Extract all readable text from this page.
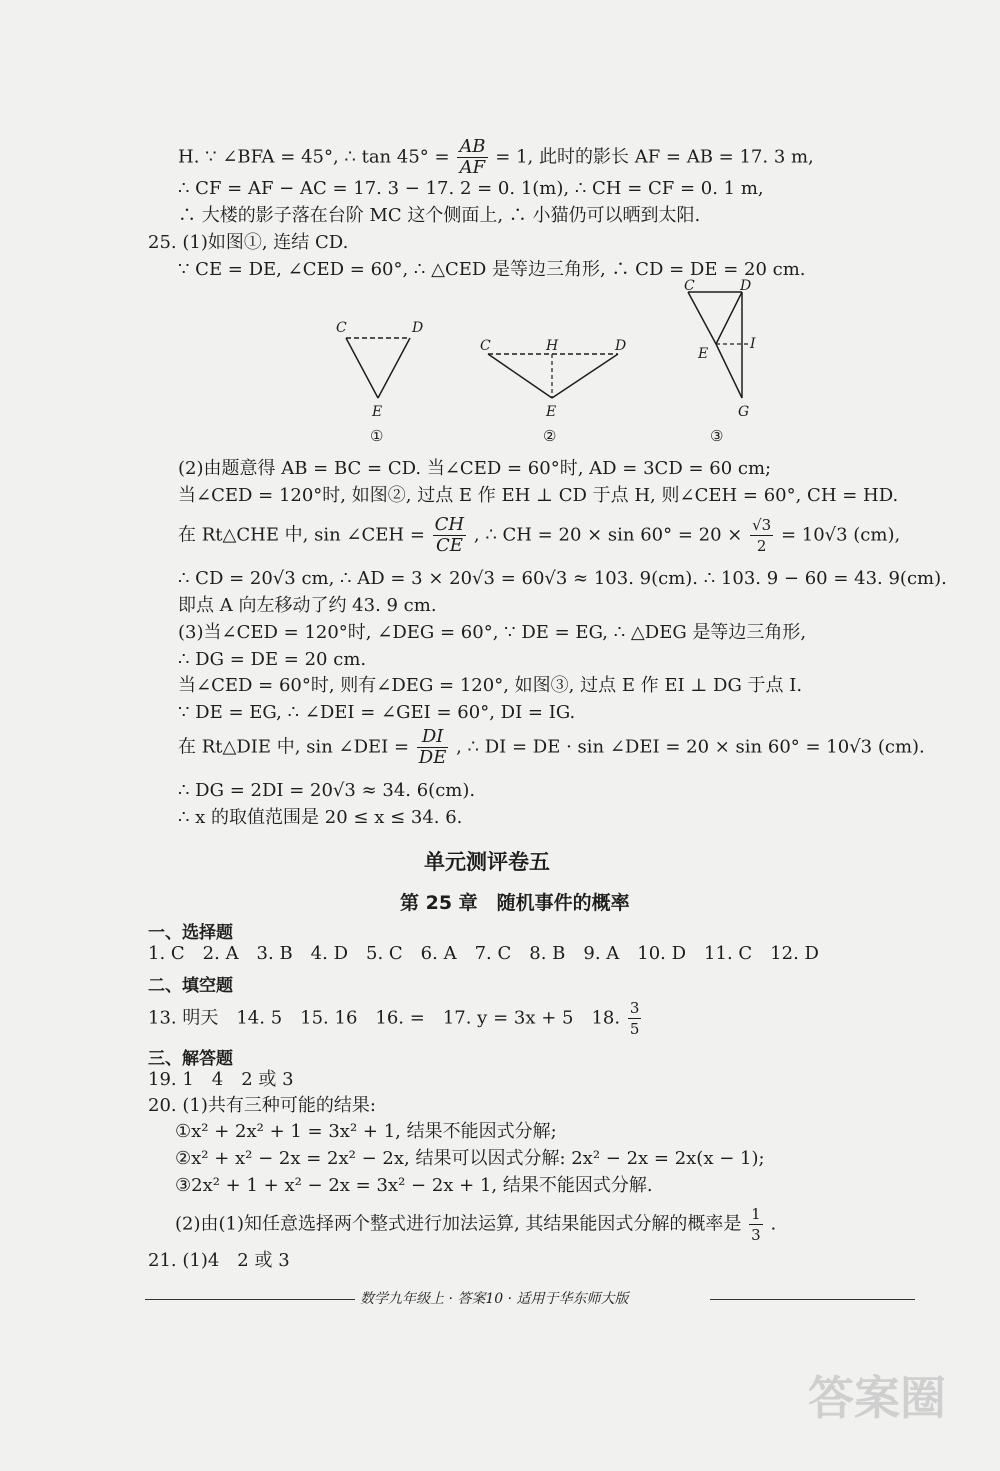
H. ∵ ∠BFA = 45°, ∴ $\tan 45^\circ = \frac{AB}{AF} = 1$, 此时的影长 AF = AB = 17. 3 m,
∴ CF = AF − AC = 17. 3 − 17. 2 = 0. 1(m), ∴ CH = CF = 0. 1 m,
∴ 大楼的影子落在台阶 MC 这个侧面上, ∴ 小猫仍可以晒到太阳.
25. (1)如图①, 连结 CD.
∵ CE = DE, ∠CED = 60°, ∴ △CED 是等边三角形, ∴ CD = DE = 20 cm.
C	D
E
①
C	H	D
E
②
C	D
E
I
G
③
(2)由题意得 AB = BC = CD. 当∠CED = 60°时, AD = 3CD = 60 cm;
当∠CED = 120°时, 如图②, 过点 E 作 EH ⊥ CD 于点 H, 则∠CEH = 60°, CH = HD.
在 Rt△CHE 中, sin ∠CEH = $\frac{CH}{CE}$ , ∴ CH = $20 \times \sin 60^\circ = 20 \times \frac{√3}{2} = 10√3$ (cm),
∴ CD = 20√3 cm, ∴ AD = 3 × 20√3 = 60√3 ≈ 103. 9(cm). ∴ 103. 9 − 60 = 43. 9(cm).
即点 A 向左移动了约 43. 9 cm.
(3)当∠CED = 120°时, ∠DEG = 60°, ∵ DE = EG, ∴ △DEG 是等边三角形,
∴ DG = DE = 20 cm.
当∠CED = 60°时, 则有∠DEG = 120°, 如图③, 过点 E 作 EI ⊥ DG 于点 I.
∵ DE = EG, ∴ ∠DEI = ∠GEI = 60°, DI = IG.
在 Rt△DIE 中, sin ∠DEI = $\frac{DI}{DE}$ , ∴ DI = DE · sin ∠DEI = 20 × sin 60° = 10√3 (cm).
∴ DG = 2DI = 20√3 ≈ 34. 6(cm).
∴ x 的取值范围是 20 ≤ x ≤ 34. 6.
单元测评卷五
第 25 章　随机事件的概率
一、选择题
1. C　2. A　3. B　4. D　5. C　6. A　7. C　8. B　9. A　10. D　11. C　12. D
二、填空题
13. 明天　14. 5　15. 16　16. =　17. y = 3x + 5　18. $\frac{3}{5}$
三、解答题
19. 1　4　2 或 3
20. (1)共有三种可能的结果:
①x² + 2x² + 1 = 3x² + 1, 结果不能因式分解;
②x² + x² − 2x = 2x² − 2x, 结果可以因式分解: 2x² − 2x = 2x(x − 1);
③2x² + 1 + x² − 2x = 3x² − 2x + 1, 结果不能因式分解.
(2)由(1)知任意选择两个整式进行加法运算, 其结果能因式分解的概率是 $\frac{1}{3}$ .
21. (1)4　2 或 3
数学九年级上 · 答案10 · 适用于华东师大版
答案圈
